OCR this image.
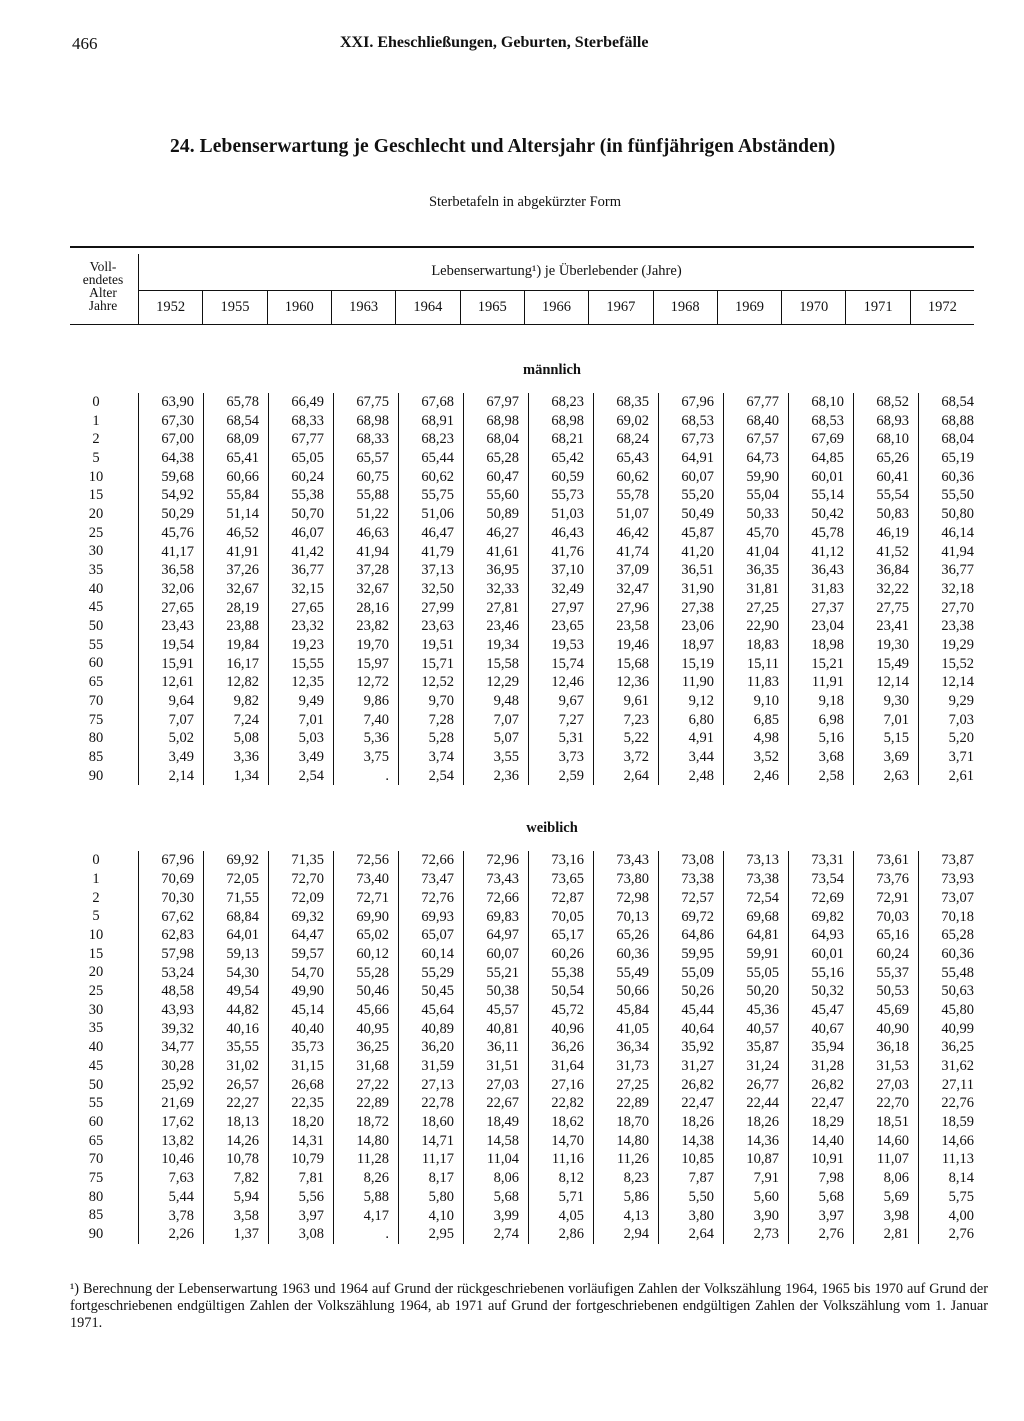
466	XXI. Eheschließungen, Geburten, Sterbefälle
24. Lebenserwartung je Geschlecht und Altersjahr (in fünfjährigen Abständen)
Sterbetafeln in abgekürzter Form
Voll-
endetes
Alter
Jahre
Lebenserwartung¹) je Überlebender (Jahre)
1952	1955	1960	1963	1964	1965	1966	1967	1968	1969	1970	1971	1972
männlich
0	63,90	65,78	66,49	67,75	67,68	67,97	68,23	68,35	67,96	67,77	68,10	68,52	68,54
1	67,30	68,54	68,33	68,98	68,91	68,98	68,98	69,02	68,53	68,40	68,53	68,93	68,88
2	67,00	68,09	67,77	68,33	68,23	68,04	68,21	68,24	67,73	67,57	67,69	68,10	68,04
5	64,38	65,41	65,05	65,57	65,44	65,28	65,42	65,43	64,91	64,73	64,85	65,26	65,19
10	59,68	60,66	60,24	60,75	60,62	60,47	60,59	60,62	60,07	59,90	60,01	60,41	60,36
15	54,92	55,84	55,38	55,88	55,75	55,60	55,73	55,78	55,20	55,04	55,14	55,54	55,50
20	50,29	51,14	50,70	51,22	51,06	50,89	51,03	51,07	50,49	50,33	50,42	50,83	50,80
25	45,76	46,52	46,07	46,63	46,47	46,27	46,43	46,42	45,87	45,70	45,78	46,19	46,14
30	41,17	41,91	41,42	41,94	41,79	41,61	41,76	41,74	41,20	41,04	41,12	41,52	41,94
35	36,58	37,26	36,77	37,28	37,13	36,95	37,10	37,09	36,51	36,35	36,43	36,84	36,77
40	32,06	32,67	32,15	32,67	32,50	32,33	32,49	32,47	31,90	31,81	31,83	32,22	32,18
45	27,65	28,19	27,65	28,16	27,99	27,81	27,97	27,96	27,38	27,25	27,37	27,75	27,70
50	23,43	23,88	23,32	23,82	23,63	23,46	23,65	23,58	23,06	22,90	23,04	23,41	23,38
55	19,54	19,84	19,23	19,70	19,51	19,34	19,53	19,46	18,97	18,83	18,98	19,30	19,29
60	15,91	16,17	15,55	15,97	15,71	15,58	15,74	15,68	15,19	15,11	15,21	15,49	15,52
65	12,61	12,82	12,35	12,72	12,52	12,29	12,46	12,36	11,90	11,83	11,91	12,14	12,14
70	9,64	9,82	9,49	9,86	9,70	9,48	9,67	9,61	9,12	9,10	9,18	9,30	9,29
75	7,07	7,24	7,01	7,40	7,28	7,07	7,27	7,23	6,80	6,85	6,98	7,01	7,03
80	5,02	5,08	5,03	5,36	5,28	5,07	5,31	5,22	4,91	4,98	5,16	5,15	5,20
85	3,49	3,36	3,49	3,75	3,74	3,55	3,73	3,72	3,44	3,52	3,68	3,69	3,71
90	2,14	1,34	2,54	.	2,54	2,36	2,59	2,64	2,48	2,46	2,58	2,63	2,61
weiblich
0	67,96	69,92	71,35	72,56	72,66	72,96	73,16	73,43	73,08	73,13	73,31	73,61	73,87
1	70,69	72,05	72,70	73,40	73,47	73,43	73,65	73,80	73,38	73,38	73,54	73,76	73,93
2	70,30	71,55	72,09	72,71	72,76	72,66	72,87	72,98	72,57	72,54	72,69	72,91	73,07
5	67,62	68,84	69,32	69,90	69,93	69,83	70,05	70,13	69,72	69,68	69,82	70,03	70,18
10	62,83	64,01	64,47	65,02	65,07	64,97	65,17	65,26	64,86	64,81	64,93	65,16	65,28
15	57,98	59,13	59,57	60,12	60,14	60,07	60,26	60,36	59,95	59,91	60,01	60,24	60,36
20	53,24	54,30	54,70	55,28	55,29	55,21	55,38	55,49	55,09	55,05	55,16	55,37	55,48
25	48,58	49,54	49,90	50,46	50,45	50,38	50,54	50,66	50,26	50,20	50,32	50,53	50,63
30	43,93	44,82	45,14	45,66	45,64	45,57	45,72	45,84	45,44	45,36	45,47	45,69	45,80
35	39,32	40,16	40,40	40,95	40,89	40,81	40,96	41,05	40,64	40,57	40,67	40,90	40,99
40	34,77	35,55	35,73	36,25	36,20	36,11	36,26	36,34	35,92	35,87	35,94	36,18	36,25
45	30,28	31,02	31,15	31,68	31,59	31,51	31,64	31,73	31,27	31,24	31,28	31,53	31,62
50	25,92	26,57	26,68	27,22	27,13	27,03	27,16	27,25	26,82	26,77	26,82	27,03	27,11
55	21,69	22,27	22,35	22,89	22,78	22,67	22,82	22,89	22,47	22,44	22,47	22,70	22,76
60	17,62	18,13	18,20	18,72	18,60	18,49	18,62	18,70	18,26	18,26	18,29	18,51	18,59
65	13,82	14,26	14,31	14,80	14,71	14,58	14,70	14,80	14,38	14,36	14,40	14,60	14,66
70	10,46	10,78	10,79	11,28	11,17	11,04	11,16	11,26	10,85	10,87	10,91	11,07	11,13
75	7,63	7,82	7,81	8,26	8,17	8,06	8,12	8,23	7,87	7,91	7,98	8,06	8,14
80	5,44	5,94	5,56	5,88	5,80	5,68	5,71	5,86	5,50	5,60	5,68	5,69	5,75
85	3,78	3,58	3,97	4,17	4,10	3,99	4,05	4,13	3,80	3,90	3,97	3,98	4,00
90	2,26	1,37	3,08	.	2,95	2,74	2,86	2,94	2,64	2,73	2,76	2,81	2,76
¹) Berechnung der Lebenserwartung 1963 und 1964 auf Grund der rückgeschriebenen vorläufigen Zahlen der Volkszählung 1964, 1965 bis 1970 auf Grund der fortgeschriebenen endgültigen Zahlen der Volkszählung 1964, ab 1971 auf Grund der fortgeschriebenen endgültigen Zahlen der Volkszählung vom 1. Januar 1971.
